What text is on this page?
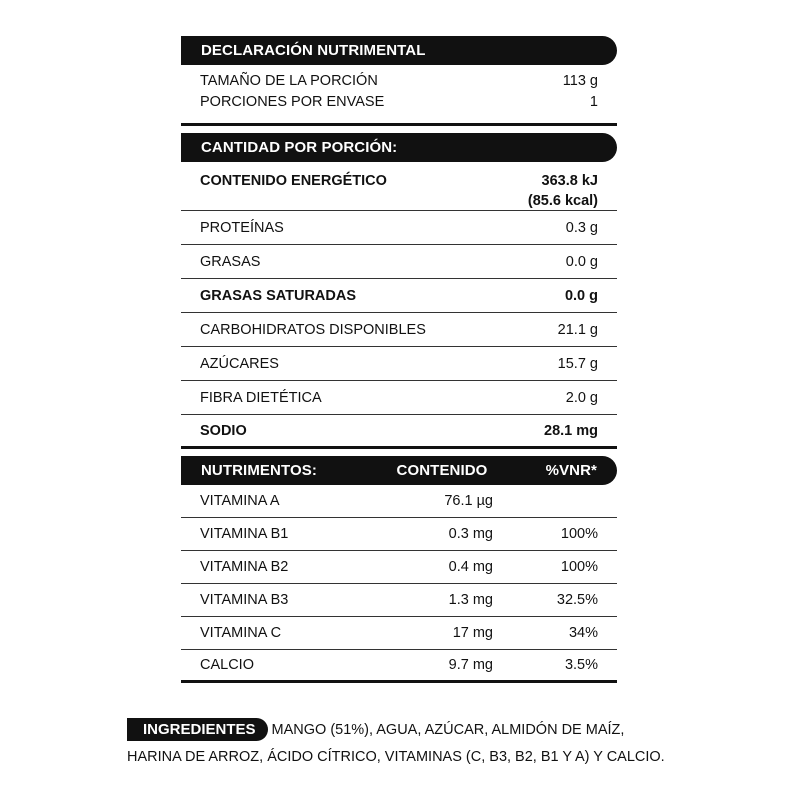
DECLARACIÓN NUTRIMENTAL
TAMAÑO DE LA PORCIÓN	113 g
PORCIONES POR ENVASE	1
CANTIDAD POR PORCIÓN:
CONTENIDO ENERGÉTICO	363.8 kJ
(85.6 kcal)
PROTEÍNAS	0.3 g
GRASAS	0.0 g
GRASAS SATURADAS	0.0 g
CARBOHIDRATOS DISPONIBLES	21.1 g
AZÚCARES	15.7 g
FIBRA DIETÉTICA	2.0 g
SODIO	28.1 mg
NUTRIMENTOS:	CONTENIDO	%VNR*
VITAMINA A	76.1 µg
VITAMINA B1	0.3 mg	100%
VITAMINA B2	0.4 mg	100%
VITAMINA B3	1.3 mg	32.5%
VITAMINA C	17 mg	34%
CALCIO	9.7 mg	3.5%
INGREDIENTES MANGO (51%), AGUA, AZÚCAR, ALMIDÓN DE MAÍZ, HARINA DE ARROZ, ÁCIDO CÍTRICO, VITAMINAS (C, B3, B2, B1 Y A) Y CALCIO.
